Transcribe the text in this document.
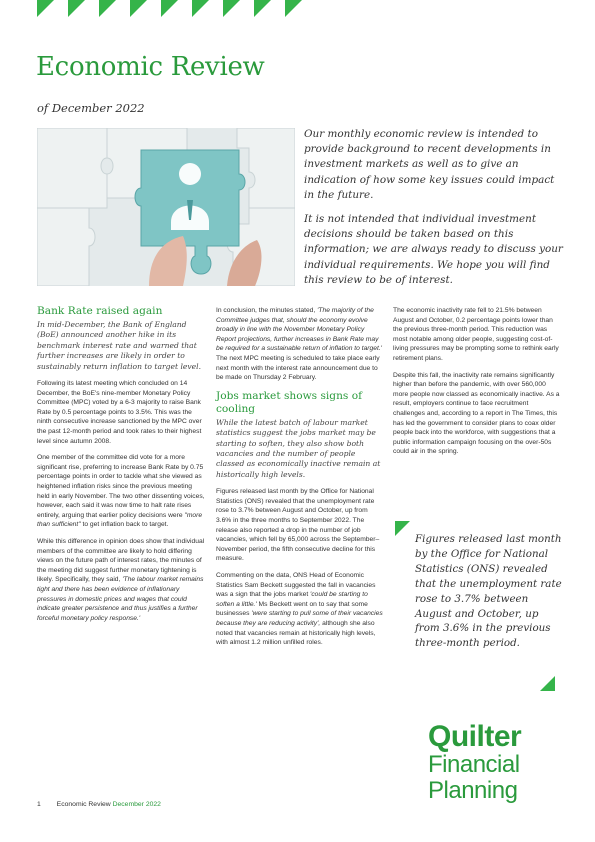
Economic Review
of December 2022

Our monthly economic review is intended to provide background to recent developments in investment markets as well as to give an indication of how some key issues could impact in the future.

It is not intended that individual investment decisions should be taken based on this information; we are always ready to discuss your individual requirements. We hope you will find this review to be of interest.

Bank Rate raised again

In mid-December, the Bank of England (BoE) announced another hike in its benchmark interest rate and warned that further increases are likely in order to sustainably return inflation to target level.

Following its latest meeting which concluded on 14 December, the BoE's nine-member Monetary Policy Committee (MPC) voted by a 6-3 majority to raise Bank Rate by 0.5 percentage points to 3.5%. This was the ninth consecutive increase sanctioned by the MPC over the past 12-month period and took rates to their highest level since autumn 2008.

One member of the committee did vote for a more significant rise, preferring to increase Bank Rate by 0.75 percentage points in order to tackle what she viewed as heightened inflation risks since the previous meeting held in early November. The two other dissenting voices, however, each said it was now time to halt rate rises entirely, arguing that earlier policy decisions were "more than sufficient" to get inflation back to target.

While this difference in opinion does show that individual members of the committee are likely to hold differing views on the future path of interest rates, the minutes of the meeting did suggest further monetary tightening is likely. Specifically, they said, 'The labour market remains tight and there has been evidence of inflationary pressures in domestic prices and wages that could indicate greater persistence and thus justifies a further forceful monetary policy response.'

In conclusion, the minutes stated, 'The majority of the Committee judges that, should the economy evolve broadly in line with the November Monetary Policy Report projections, further increases in Bank Rate may be required for a sustainable return of inflation to target.' The next MPC meeting is scheduled to take place early next month with the interest rate announcement due to be made on Thursday 2 February.

Jobs market shows signs of cooling

While the latest batch of labour market statistics suggest the jobs market may be starting to soften, they also show both vacancies and the number of people classed as economically inactive remain at historically high levels.

Figures released last month by the Office for National Statistics (ONS) revealed that the unemployment rate rose to 3.7% between August and October, up from 3.6% in the three months to September 2022. The release also reported a drop in the number of job vacancies, which fell by 65,000 across the September–November period, the fifth consecutive decline for this measure.

Commenting on the data, ONS Head of Economic Statistics Sam Beckett suggested the fall in vacancies was a sign that the jobs market 'could be starting to soften a little.' Ms Beckett went on to say that some businesses 'were starting to pull some of their vacancies because they are reducing activity', although she also noted that vacancies remain at historically high levels, with almost 1.2 million unfilled roles.

The economic inactivity rate fell to 21.5% between August and October, 0.2 percentage points lower than the previous three-month period. This reduction was most notable among older people, suggesting cost-of-living pressures may be prompting some to rethink early retirement plans.

Despite this fall, the inactivity rate remains significantly higher than before the pandemic, with over 560,000 more people now classed as economically inactive. As a result, employers continue to face recruitment challenges and, according to a report in The Times, this has led the government to consider plans to coax older people back into the workforce, with suggestions that a public information campaign focusing on the over-50s could air in the spring.

Figures released last month by the Office for National Statistics (ONS) revealed that the unemployment rate rose to 3.7% between August and October, up from 3.6% in the previous three-month period.
Quilter
Financial
Planning
1 Economic Review December 2022
